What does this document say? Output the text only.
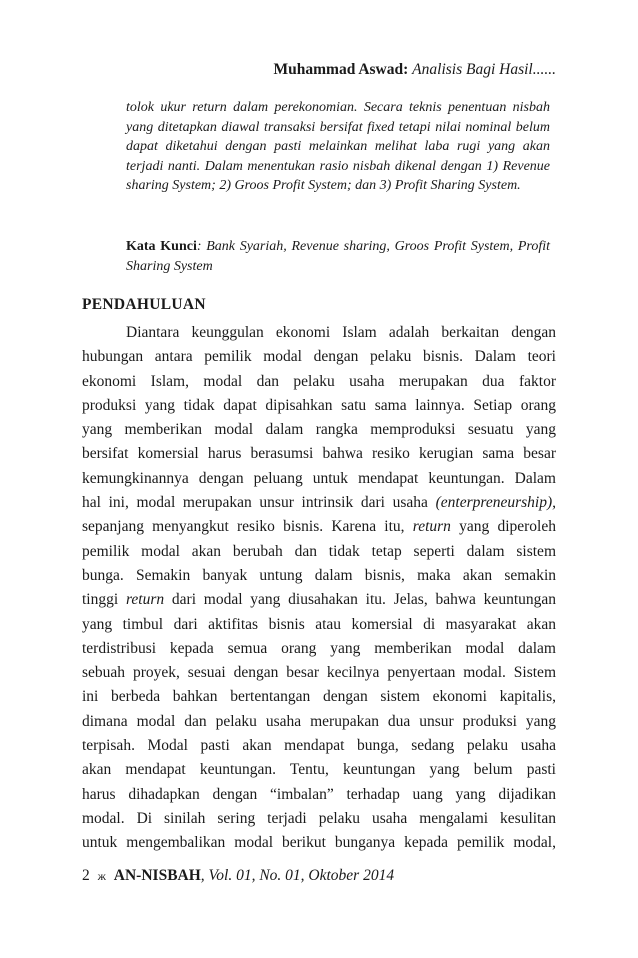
Muhammad Aswad: Analisis Bagi Hasil......

tolok ukur return dalam perekonomian. Secara teknis penentuan nisbah yang ditetapkan diawal transaksi bersifat fixed tetapi nilai nominal belum dapat diketahui dengan pasti melainkan melihat laba rugi yang akan terjadi nanti. Dalam menentukan rasio nisbah dikenal dengan 1) Revenue sharing System; 2) Groos Profit System; dan 3) Profit Sharing System.

Kata Kunci: Bank Syariah, Revenue sharing, Groos Profit System, Profit Sharing System

PENDAHULUAN
Diantara keunggulan ekonomi Islam adalah berkaitan dengan
hubungan antara pemilik modal dengan pelaku bisnis. Dalam teori
ekonomi Islam, modal dan pelaku usaha merupakan dua faktor
produksi yang tidak dapat dipisahkan satu sama lainnya. Setiap orang
yang memberikan modal dalam rangka memproduksi sesuatu yang
bersifat komersial harus berasumsi bahwa resiko kerugian sama besar
kemungkinannya dengan peluang untuk mendapat keuntungan. Dalam
hal ini, modal merupakan unsur intrinsik dari usaha (enterpreneurship),
sepanjang menyangkut resiko bisnis. Karena itu, return yang diperoleh
pemilik modal akan berubah dan tidak tetap seperti dalam sistem
bunga. Semakin banyak untung dalam bisnis, maka akan semakin
tinggi return dari modal yang diusahakan itu. Jelas, bahwa keuntungan
yang timbul dari aktifitas bisnis atau komersial di masyarakat akan
terdistribusi kepada semua orang yang memberikan modal dalam
sebuah proyek, sesuai dengan besar kecilnya penyertaan modal. Sistem
ini berbeda bahkan bertentangan dengan sistem ekonomi kapitalis,
dimana modal dan pelaku usaha merupakan dua unsur produksi yang
terpisah. Modal pasti akan mendapat bunga, sedang pelaku usaha
akan mendapat keuntungan. Tentu, keuntungan yang belum pasti
harus dihadapkan dengan “imbalan” terhadap uang yang dijadikan
modal. Di sinilah sering terjadi pelaku usaha mengalami kesulitan
untuk mengembalikan modal berikut bunganya kepada pemilik modal,
2 ж AN-NISBAH, Vol. 01, No. 01, Oktober 2014
